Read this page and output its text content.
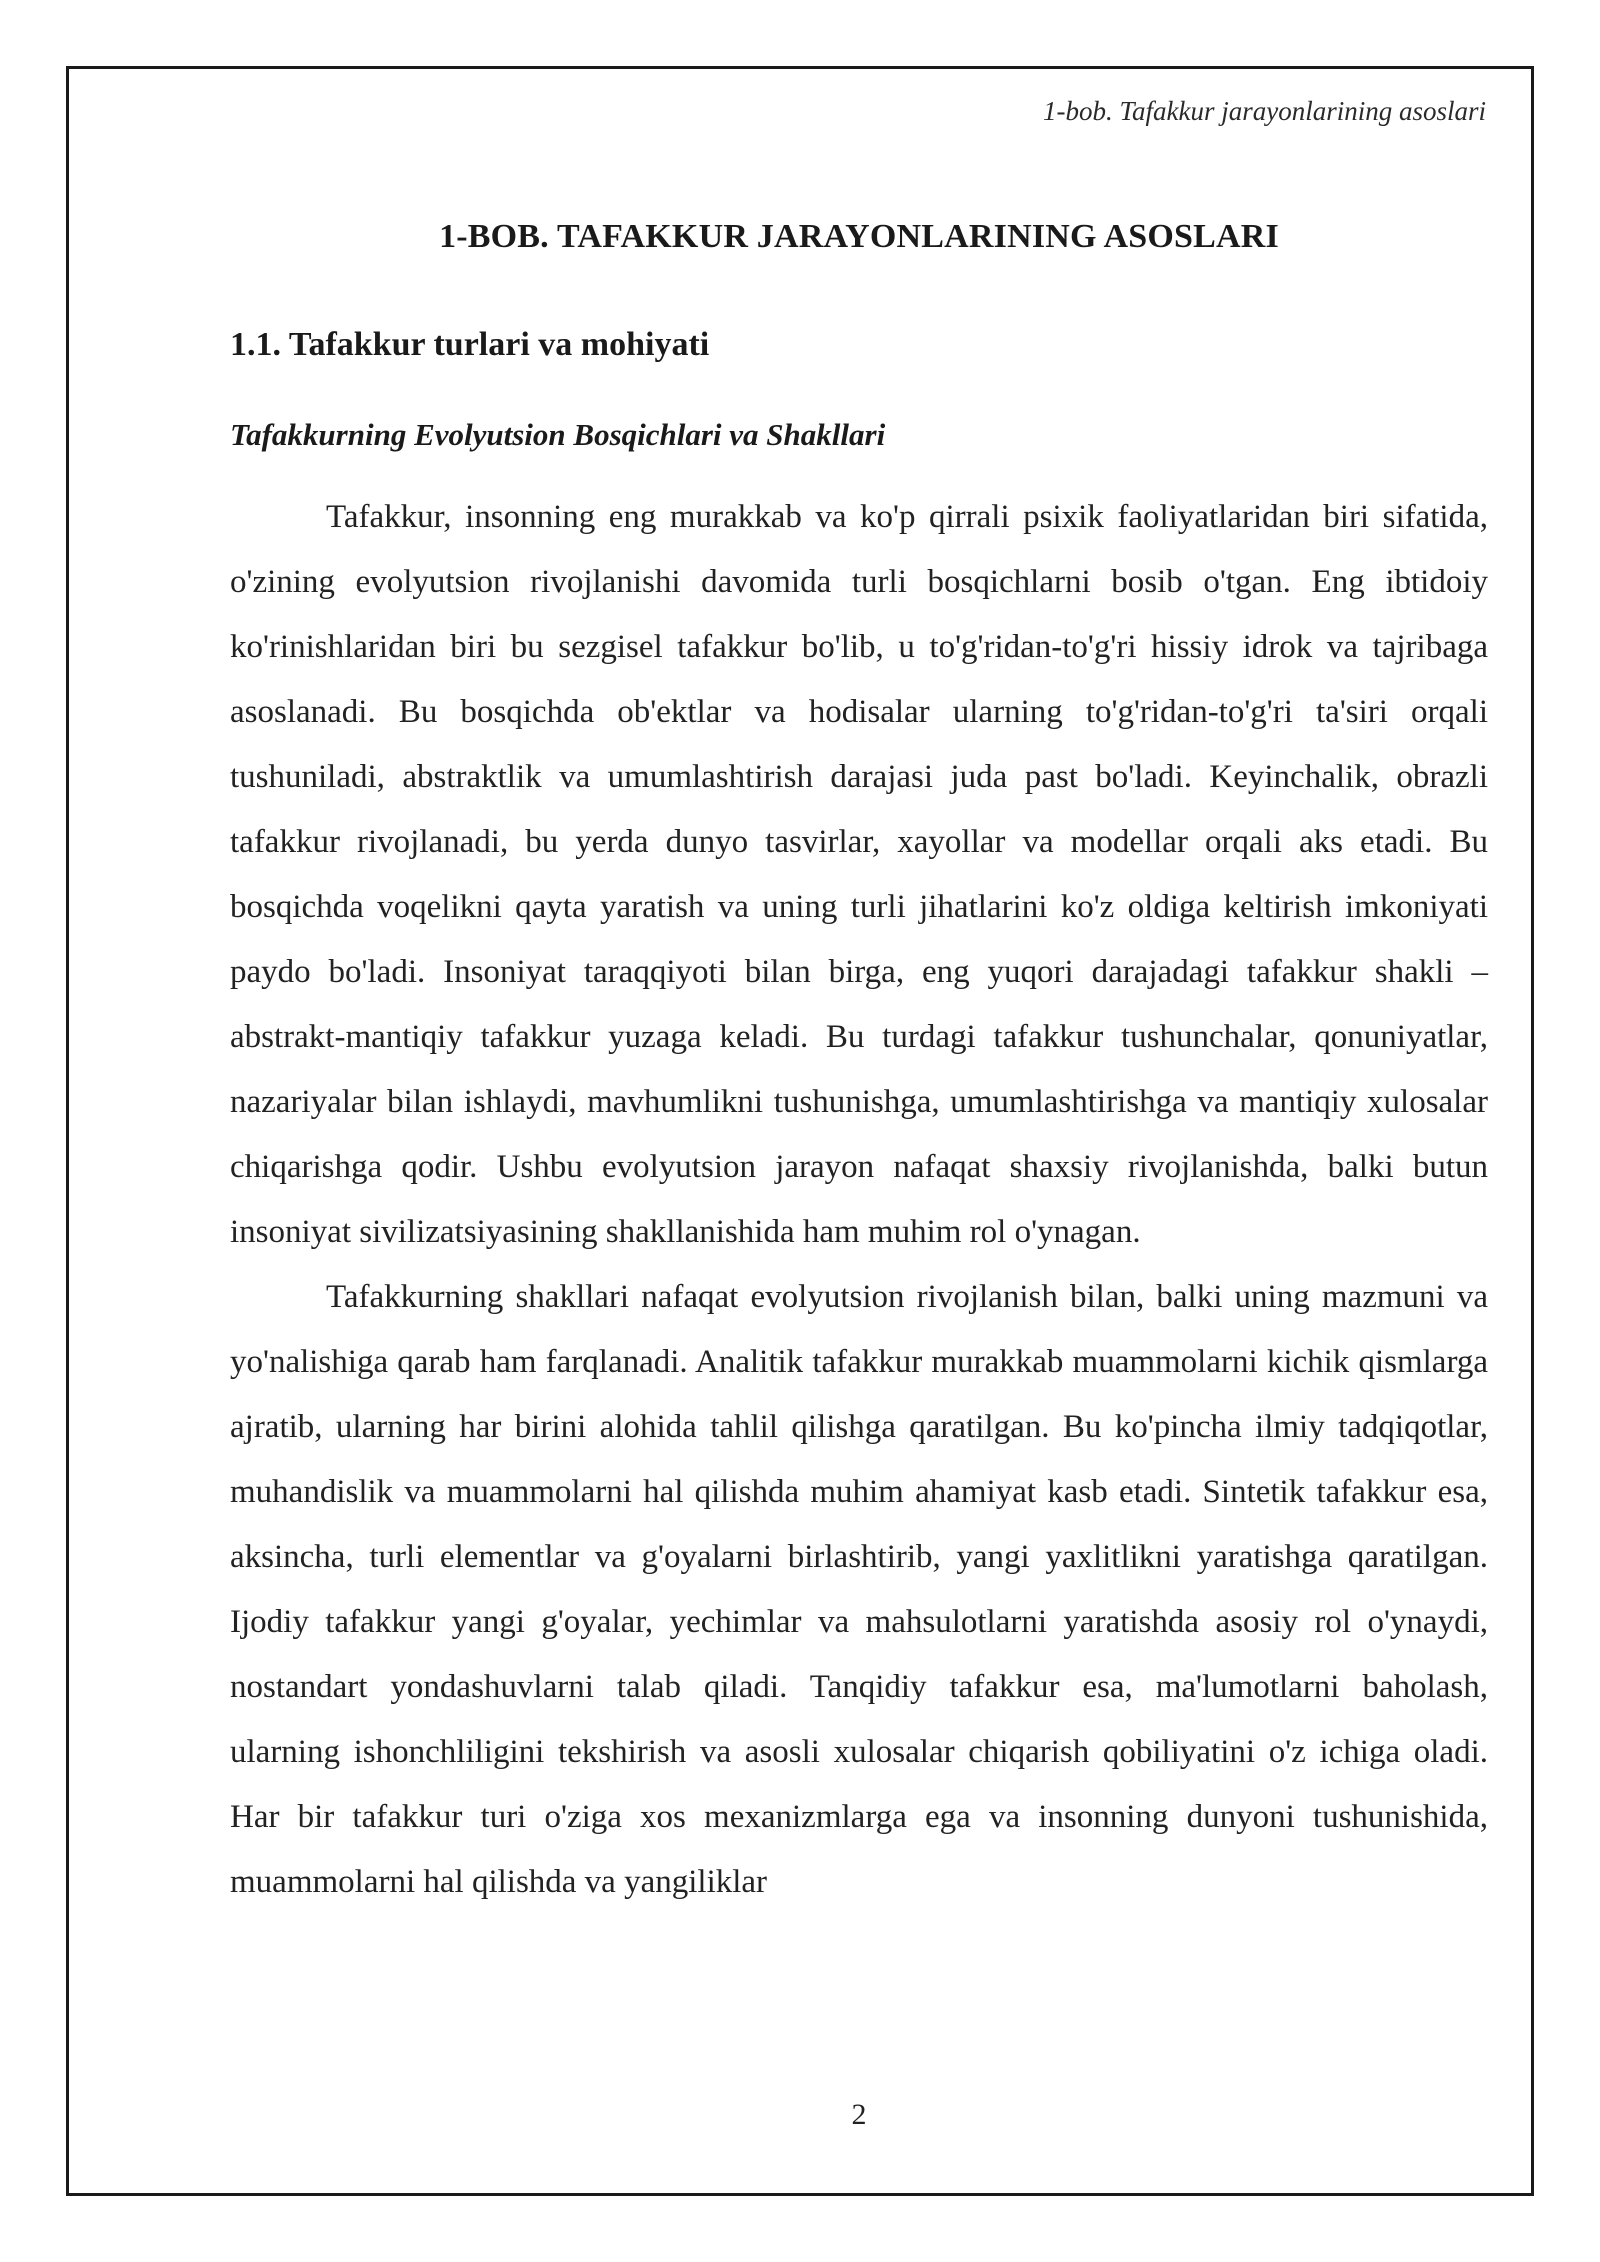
1-bob. Tafakkur jarayonlarining asoslari
1-BOB. TAFAKKUR JARAYONLARINING ASOSLARI
1.1. Tafakkur turlari va mohiyati
Tafakkurning Evolyutsion Bosqichlari va Shakllari

Tafakkur, insonning eng murakkab va ko'p qirrali psixik faoliyatlaridan biri sifatida, o'zining evolyutsion rivojlanishi davomida turli bosqichlarni bosib o'tgan. Eng ibtidoiy ko'rinishlaridan biri bu sezgisel tafakkur bo'lib, u to'g'ridan-to'g'ri hissiy idrok va tajribaga asoslanadi. Bu bosqichda ob'ektlar va hodisalar ularning to'g'ridan-to'g'ri ta'siri orqali tushuniladi, abstraktlik va umumlashtirish darajasi juda past bo'ladi. Keyinchalik, obrazli tafakkur rivojlanadi, bu yerda dunyo tasvirlar, xayollar va modellar orqali aks etadi. Bu bosqichda voqelikni qayta yaratish va uning turli jihatlarini ko'z oldiga keltirish imkoniyati paydo bo'ladi. Insoniyat taraqqiyoti bilan birga, eng yuqori darajadagi tafakkur shakli – abstrakt-mantiqiy tafakkur yuzaga keladi. Bu turdagi tafakkur tushunchalar, qonuniyatlar, nazariyalar bilan ishlaydi, mavhumlikni tushunishga, umumlashtirishga va mantiqiy xulosalar chiqarishga qodir. Ushbu evolyutsion jarayon nafaqat shaxsiy rivojlanishda, balki butun insoniyat sivilizatsiyasining shakllanishida ham muhim rol o'ynagan.

Tafakkurning shakllari nafaqat evolyutsion rivojlanish bilan, balki uning mazmuni va yo'nalishiga qarab ham farqlanadi. Analitik tafakkur murakkab muammolarni kichik qismlarga ajratib, ularning har birini alohida tahlil qilishga qaratilgan. Bu ko'pincha ilmiy tadqiqotlar, muhandislik va muammolarni hal qilishda muhim ahamiyat kasb etadi. Sintetik tafakkur esa, aksincha, turli elementlar va g'oyalarni birlashtirib, yangi yaxlitlikni yaratishga qaratilgan. Ijodiy tafakkur yangi g'oyalar, yechimlar va mahsulotlarni yaratishda asosiy rol o'ynaydi, nostandart yondashuvlarni talab qiladi. Tanqidiy tafakkur esa, ma'lumotlarni baholash, ularning ishonchliligini tekshirish va asosli xulosalar chiqarish qobiliyatini o'z ichiga oladi. Har bir tafakkur turi o'ziga xos mexanizmlarga ega va insonning dunyoni tushunishida, muammolarni hal qilishda va yangiliklar

2
